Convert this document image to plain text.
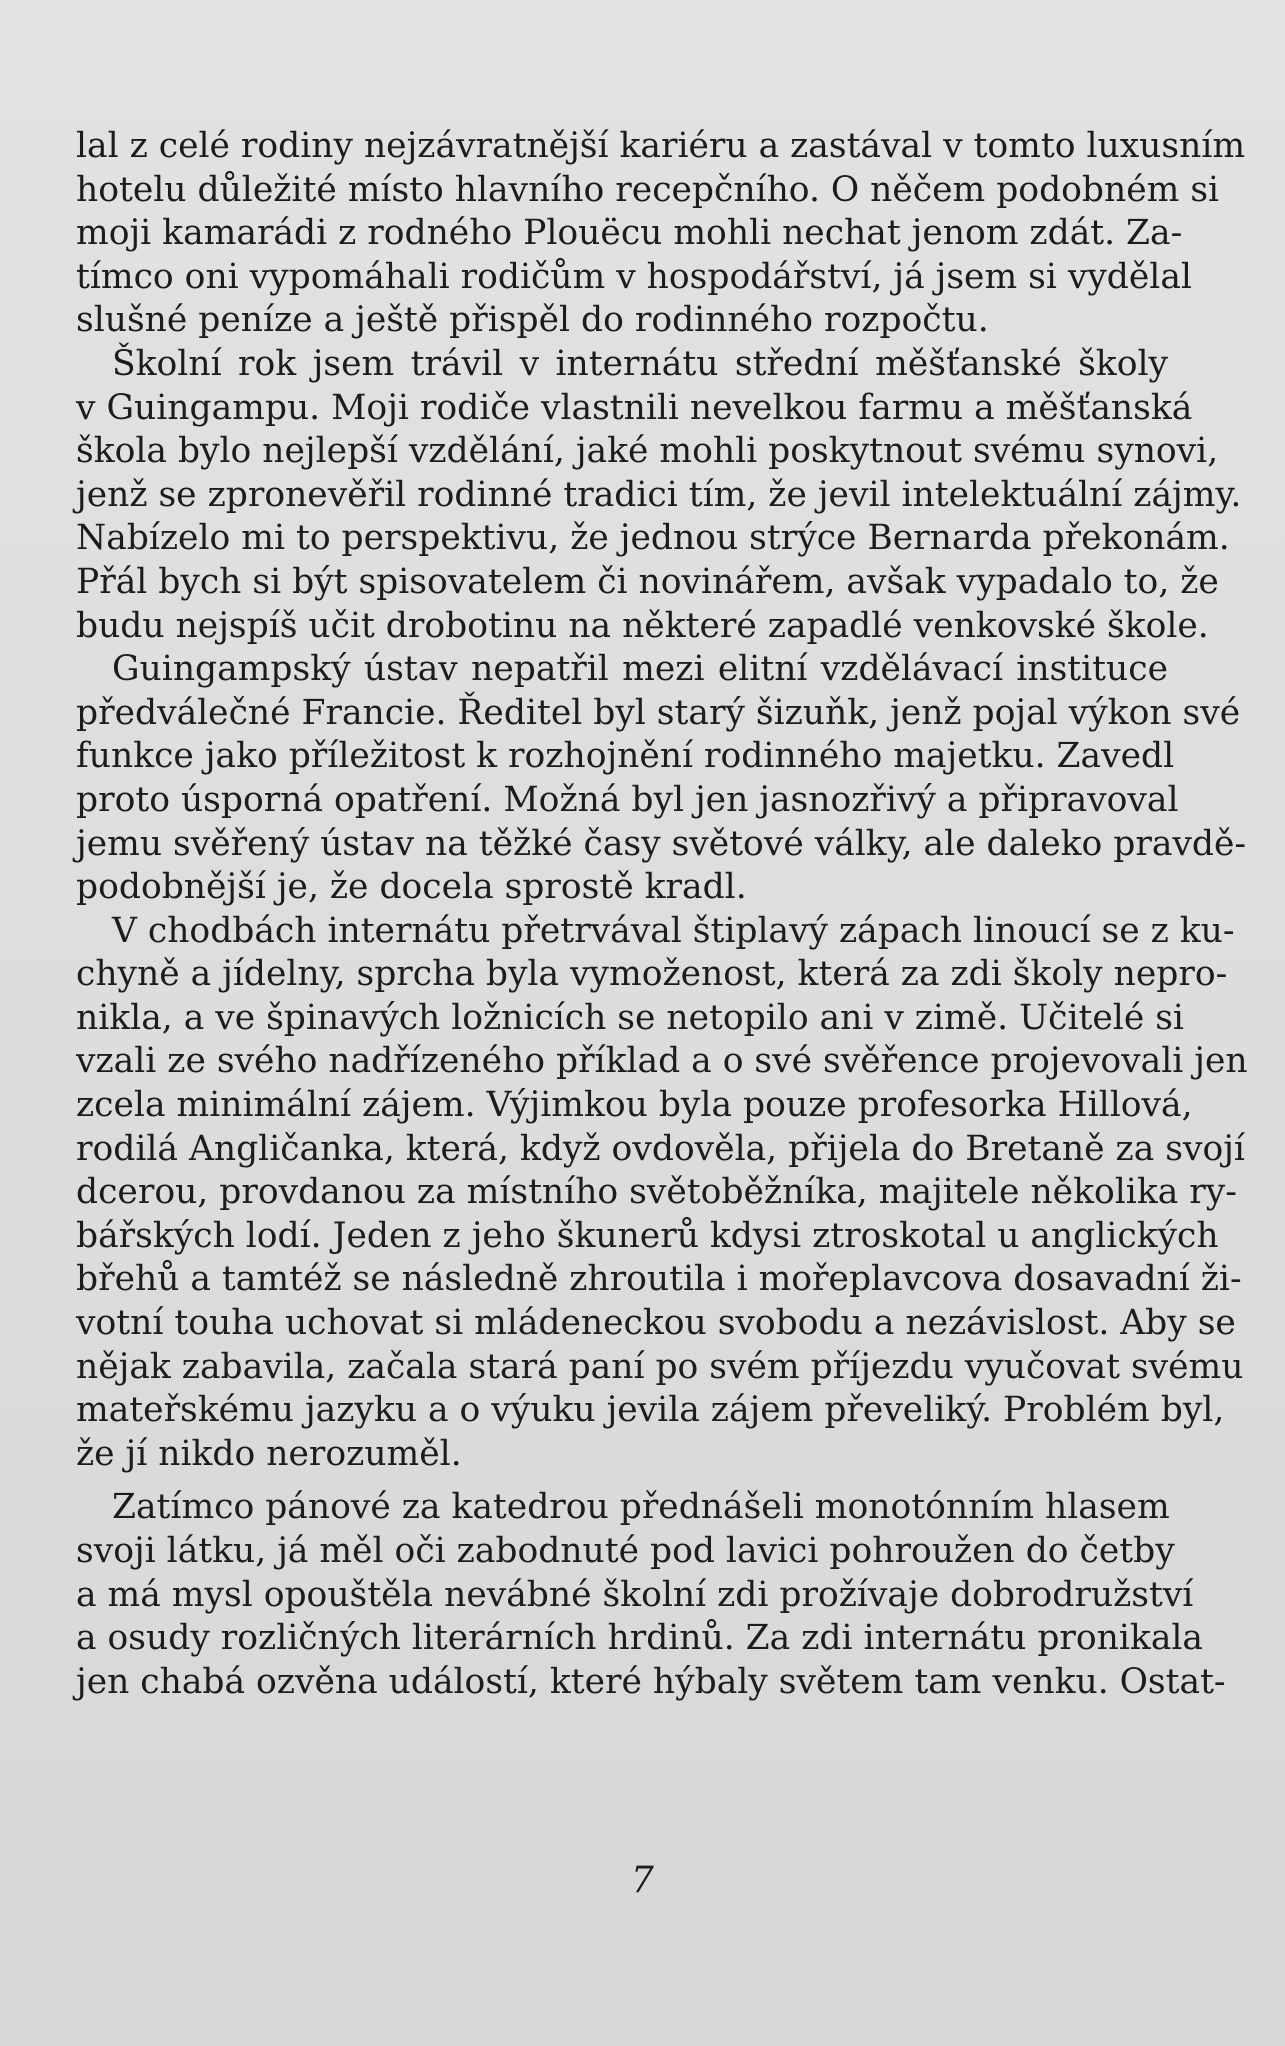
lal z celé rodiny nejzávratnější kariéru a zastával v tomto luxusním
hotelu důležité místo hlavního recepčního. O něčem podobném si
moji kamarádi z rodného Plouëcu mohli nechat jenom zdát. Za-
tímco oni vypomáhali rodičům v hospodářství, já jsem si vydělal
slušné peníze a ještě přispěl do rodinného rozpočtu.
Školní rok jsem trávil v internátu střední měšťanské školy
v Guingampu. Moji rodiče vlastnili nevelkou farmu a měšťanská
škola bylo nejlepší vzdělání, jaké mohli poskytnout svému synovi,
jenž se zpronevěřil rodinné tradici tím, že jevil intelektuální zájmy.
Nabízelo mi to perspektivu, že jednou strýce Bernarda překonám.
Přál bych si být spisovatelem či novinářem, avšak vypadalo to, že
budu nejspíš učit drobotinu na některé zapadlé venkovské škole.
Guingampský ústav nepatřil mezi elitní vzdělávací instituce
předválečné Francie. Ředitel byl starý šizuňk, jenž pojal výkon své
funkce jako příležitost k rozhojnění rodinného majetku. Zavedl
proto úsporná opatření. Možná byl jen jasnozřivý a připravoval
jemu svěřený ústav na těžké časy světové války, ale daleko pravdě-
podobnější je, že docela sprostě kradl.
V chodbách internátu přetrvával štiplavý zápach linoucí se z ku-
chyně a jídelny, sprcha byla vymoženost, která za zdi školy nepro-
nikla, a ve špinavých ložnicích se netopilo ani v zimě. Učitelé si
vzali ze svého nadřízeného příklad a o své svěřence projevovali jen
zcela minimální zájem. Výjimkou byla pouze profesorka Hillová,
rodilá Angličanka, která, když ovdověla, přijela do Bretaně za svojí
dcerou, provdanou za místního světoběžníka, majitele několika ry-
bářských lodí. Jeden z jeho škunerů kdysi ztroskotal u anglických
břehů a tamtéž se následně zhroutila i mořeplavcova dosavadní ži-
votní touha uchovat si mládeneckou svobodu a nezávislost. Aby se
nějak zabavila, začala stará paní po svém příjezdu vyučovat svému
mateřskému jazyku a o výuku jevila zájem převeliký. Problém byl,
že jí nikdo nerozuměl.
Zatímco pánové za katedrou přednášeli monotónním hlasem
svoji látku, já měl oči zabodnuté pod lavici pohroužen do četby
a má mysl opouštěla nevábné školní zdi prožívaje dobrodružství
a osudy rozličných literárních hrdinů. Za zdi internátu pronikala
jen chabá ozvěna událostí, které hýbaly světem tam venku. Ostat-
7
